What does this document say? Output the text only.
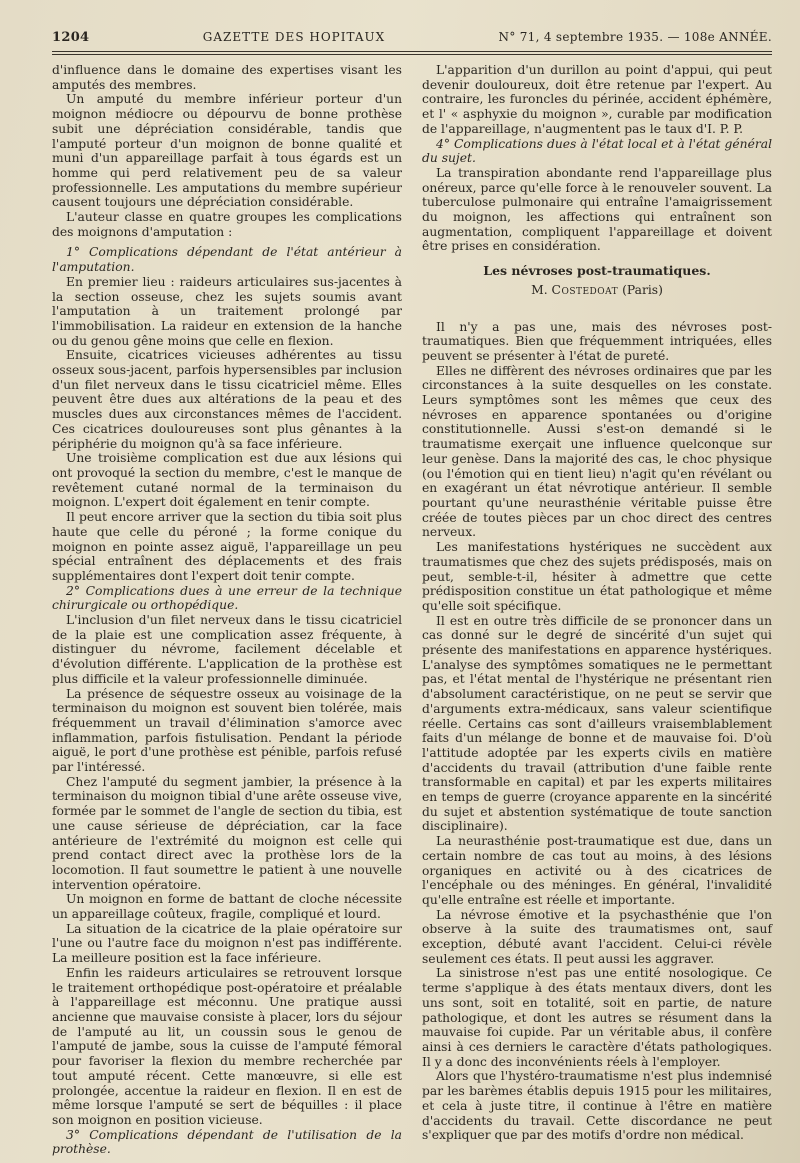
1204	GAZETTE DES HOPITAUX	N° 71, 4 septembre 1935. — 108e ANNÉE.

d'influence dans le domaine des expertises visant les amputés des membres.

Un amputé du membre inférieur porteur d'un moignon médiocre ou dépourvu de bonne prothèse subit une dépréciation considérable, tandis que l'amputé porteur d'un moignon de bonne qualité et muni d'un appareillage parfait à tous égards est un homme qui perd relativement peu de sa valeur professionnelle. Les amputations du membre supérieur causent toujours une dépréciation considérable.

L'auteur classe en quatre groupes les complications des moignons d'amputation :

1° Complications dépendant de l'état antérieur à l'amputation.

En premier lieu : raideurs articulaires sus-jacentes à la section osseuse, chez les sujets soumis avant l'amputation à un traitement prolongé par l'immobilisation. La raideur en extension de la hanche ou du genou gêne moins que celle en flexion.

Ensuite, cicatrices vicieuses adhérentes au tissu osseux sous-jacent, parfois hypersensibles par inclusion d'un filet nerveux dans le tissu cicatriciel même. Elles peuvent être dues aux altérations de la peau et des muscles dues aux circonstances mêmes de l'accident. Ces cicatrices douloureuses sont plus gênantes à la périphérie du moignon qu'à sa face inférieure.

Une troisième complication est due aux lésions qui ont provoqué la section du membre, c'est le manque de revêtement cutané normal de la terminaison du moignon. L'expert doit également en tenir compte.

Il peut encore arriver que la section du tibia soit plus haute que celle du péroné ; la forme conique du moignon en pointe assez aiguë, l'appareillage un peu spécial entraînent des déplacements et des frais supplémentaires dont l'expert doit tenir compte.

2° Complications dues à une erreur de la technique chirurgicale ou orthopédique.

L'inclusion d'un filet nerveux dans le tissu cicatriciel de la plaie est une complication assez fréquente, à distinguer du névrome, facilement décelable et d'évolution différente. L'application de la prothèse est plus difficile et la valeur professionnelle diminuée.

La présence de séquestre osseux au voisinage de la terminaison du moignon est souvent bien tolérée, mais fréquemment un travail d'élimination s'amorce avec inflammation, parfois fistulisation. Pendant la période aiguë, le port d'une prothèse est pénible, parfois refusé par l'intéressé.

Chez l'amputé du segment jambier, la présence à la terminaison du moignon tibial d'une arête osseuse vive, formée par le sommet de l'angle de section du tibia, est une cause sérieuse de dépréciation, car la face antérieure de l'extrémité du moignon est celle qui prend contact direct avec la prothèse lors de la locomotion. Il faut soumettre le patient à une nouvelle intervention opératoire.

Un moignon en forme de battant de cloche nécessite un appareillage coûteux, fragile, compliqué et lourd.

La situation de la cicatrice de la plaie opératoire sur l'une ou l'autre face du moignon n'est pas indifférente. La meilleure position est la face inférieure.

Enfin les raideurs articulaires se retrouvent lorsque le traitement orthopédique post-opératoire et préalable à l'appareillage est méconnu. Une pratique aussi ancienne que mauvaise consiste à placer, lors du séjour de l'amputé au lit, un coussin sous le genou de l'amputé de jambe, sous la cuisse de l'amputé fémoral pour favoriser la flexion du membre recherchée par tout amputé récent. Cette manœuvre, si elle est prolongée, accentue la raideur en flexion. Il en est de même lorsque l'amputé se sert de béquilles : il place son moignon en position vicieuse.

3° Complications dépendant de l'utilisation de la prothèse.

L'apparition d'un durillon au point d'appui, qui peut devenir douloureux, doit être retenue par l'expert. Au contraire, les furoncles du périnée, accident éphémère, et l' « asphyxie du moignon », curable par modification de l'appareillage, n'augmentent pas le taux d'I. P. P.

4° Complications dues à l'état local et à l'état général du sujet.

La transpiration abondante rend l'appareillage plus onéreux, parce qu'elle force à le renouveler souvent. La tuberculose pulmonaire qui entraîne l'amaigrissement du moignon, les affections qui entraînent son augmentation, compliquent l'appareillage et doivent être prises en considération.

Les névroses post-traumatiques.
M. Costedoat (Paris)

Il n'y a pas une, mais des névroses post-traumatiques. Bien que fréquemment intriquées, elles peuvent se présenter à l'état de pureté.

Elles ne diffèrent des névroses ordinaires que par les circonstances à la suite desquelles on les constate. Leurs symptômes sont les mêmes que ceux des névroses en apparence spontanées ou d'origine constitutionnelle. Aussi s'est-on demandé si le traumatisme exerçait une influence quelconque sur leur genèse. Dans la majorité des cas, le choc physique (ou l'émotion qui en tient lieu) n'agit qu'en révélant ou en exagérant un état névrotique antérieur. Il semble pourtant qu'une neurasthénie véritable puisse être créée de toutes pièces par un choc direct des centres nerveux.

Les manifestations hystériques ne succèdent aux traumatismes que chez des sujets prédisposés, mais on peut, semble-t-il, hésiter à admettre que cette prédisposition constitue un état pathologique et même qu'elle soit spécifique.

Il est en outre très difficile de se prononcer dans un cas donné sur le degré de sincérité d'un sujet qui présente des manifestations en apparence hystériques. L'analyse des symptômes somatiques ne le permettant pas, et l'état mental de l'hystérique ne présentant rien d'absolument caractéristique, on ne peut se servir que d'arguments extra-médicaux, sans valeur scientifique réelle. Certains cas sont d'ailleurs vraisemblablement faits d'un mélange de bonne et de mauvaise foi. D'où l'attitude adoptée par les experts civils en matière d'accidents du travail (attribution d'une faible rente transformable en capital) et par les experts militaires en temps de guerre (croyance apparente en la sincérité du sujet et abstention systématique de toute sanction disciplinaire).

La neurasthénie post-traumatique est due, dans un certain nombre de cas tout au moins, à des lésions organiques en activité ou à des cicatrices de l'encéphale ou des méninges. En général, l'invalidité qu'elle entraîne est réelle et importante.

La névrose émotive et la psychasthénie que l'on observe à la suite des traumatismes ont, sauf exception, débuté avant l'accident. Celui-ci révèle seulement ces états. Il peut aussi les aggraver.

La sinistrose n'est pas une entité nosologique. Ce terme s'applique à des états mentaux divers, dont les uns sont, soit en totalité, soit en partie, de nature pathologique, et dont les autres se résument dans la mauvaise foi cupide. Par un véritable abus, il confère ainsi à ces derniers le caractère d'états pathologiques. Il y a donc des inconvénients réels à l'employer.

Alors que l'hystéro-traumatisme n'est plus indemnisé par les barèmes établis depuis 1915 pour les militaires, et cela à juste titre, il continue à l'être en matière d'accidents du travail. Cette discordance ne peut s'expliquer que par des motifs d'ordre non médical.
